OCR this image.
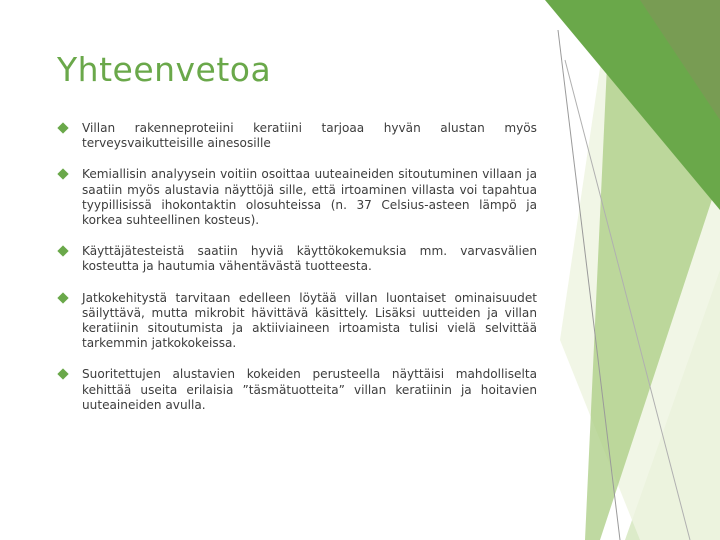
Yhteenvetoa
Villan rakenneproteiini keratiini tarjoaa hyvän alustan myös terveysvaikutteisille ainesosille
Kemiallisin analyysein voitiin osoittaa uuteaineiden sitoutuminen villaan ja saatiin myös alustavia näyttöjä sille, että irtoaminen villasta voi tapahtua tyypillisissä ihokontaktin olosuhteissa (n. 37 Celsius-asteen lämpö ja korkea suhteellinen kosteus).
Käyttäjätesteistä saatiin hyviä käyttökokemuksia mm. varvasvälien kosteutta ja hautumia vähentävästä tuotteesta.
Jatkokehitystä tarvitaan edelleen löytää villan luontaiset ominaisuudet säilyttävä, mutta mikrobit hävittävä käsittely. Lisäksi uutteiden ja villan keratiinin sitoutumista ja aktiiviaineen irtoamista tulisi vielä selvittää tarkemmin jatkokokeissa.
Suoritettujen alustavien kokeiden perusteella näyttäisi mahdolliselta kehittää useita erilaisia ”täsmätuotteita” villan keratiinin ja hoitavien uuteaineiden avulla.
